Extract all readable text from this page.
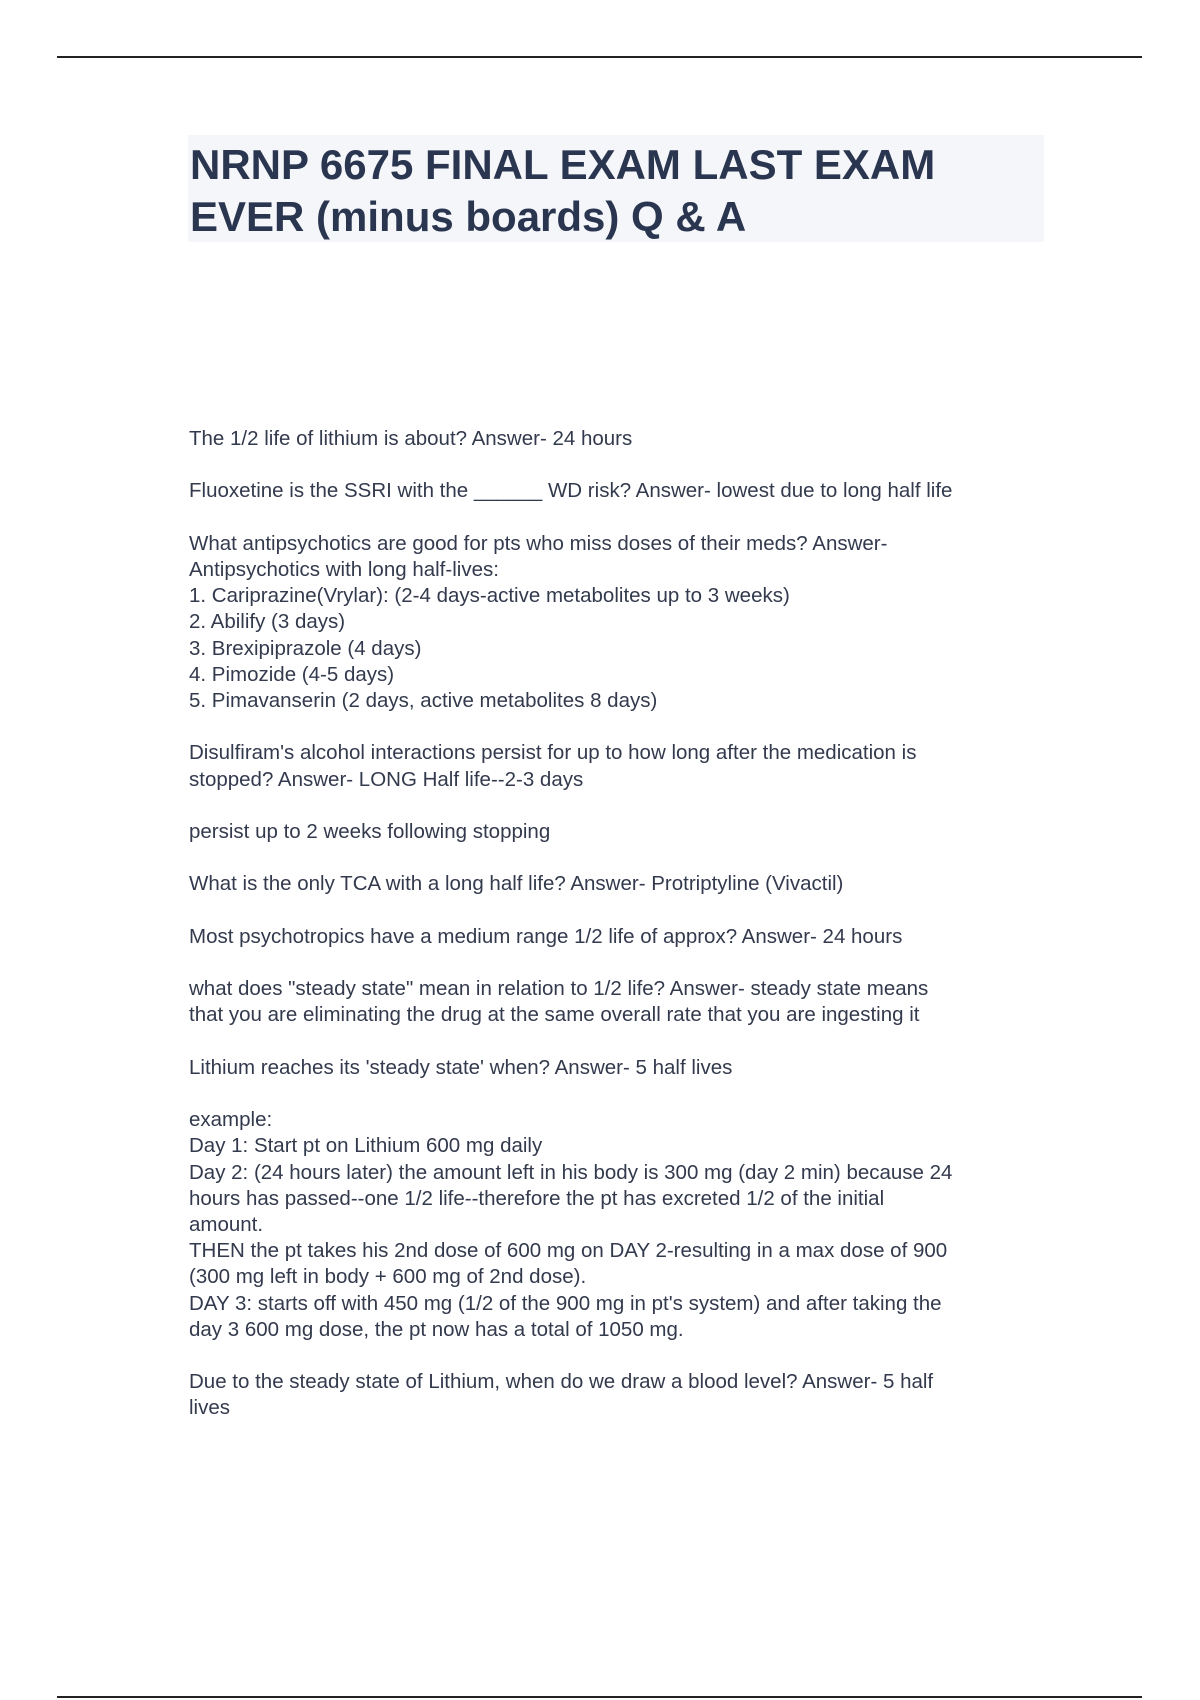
NRNP 6675 FINAL EXAM LAST EXAM
EVER (minus boards) Q & A
The 1/2 life of lithium is about? Answer- 24 hours
Fluoxetine is the SSRI with the ______ WD risk? Answer- lowest due to long half life
What antipsychotics are good for pts who miss doses of their meds? Answer-
Antipsychotics with long half-lives:
1. Cariprazine(Vrylar): (2-4 days-active metabolites up to 3 weeks)
2. Abilify (3 days)
3. Brexipiprazole (4 days)
4. Pimozide (4-5 days)
5. Pimavanserin (2 days, active metabolites 8 days)
Disulfiram's alcohol interactions persist for up to how long after the medication is
stopped? Answer- LONG Half life--2-3 days
persist up to 2 weeks following stopping
What is the only TCA with a long half life? Answer- Protriptyline (Vivactil)
Most psychotropics have a medium range 1/2 life of approx? Answer- 24 hours
what does "steady state" mean in relation to 1/2 life? Answer- steady state means
that you are eliminating the drug at the same overall rate that you are ingesting it
Lithium reaches its 'steady state' when? Answer- 5 half lives
example:
Day 1: Start pt on Lithium 600 mg daily
Day 2: (24 hours later) the amount left in his body is 300 mg (day 2 min) because 24
hours has passed--one 1/2 life--therefore the pt has excreted 1/2 of the initial
amount.
THEN the pt takes his 2nd dose of 600 mg on DAY 2-resulting in a max dose of 900
(300 mg left in body + 600 mg of 2nd dose).
DAY 3: starts off with 450 mg (1/2 of the 900 mg in pt's system) and after taking the
day 3 600 mg dose, the pt now has a total of 1050 mg.
Due to the steady state of Lithium, when do we draw a blood level? Answer- 5 half
lives
